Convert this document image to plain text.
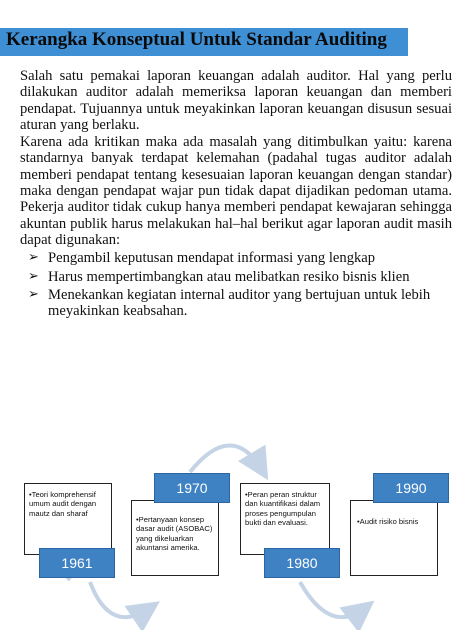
Kerangka Konseptual Untuk Standar Auditing

Salah satu pemakai laporan keuangan adalah auditor. Hal yang perlu dilakukan auditor adalah memeriksa laporan keuangan dan memberi pendapat. Tujuannya untuk meyakinkan laporan keuangan disusun sesuai aturan yang berlaku.

Karena ada kritikan maka ada masalah yang ditimbulkan yaitu: karena standarnya banyak terdapat kelemahan (padahal tugas auditor adalah memberi pendapat tentang kesesuaian laporan keuangan dengan standar) maka dengan pendapat wajar pun tidak dapat dijadikan pedoman utama. Pekerja auditor tidak cukup hanya memberi pendapat kewajaran sehingga akuntan publik harus melakukan hal–hal berikut agar laporan audit masih dapat digunakan:

➢ Pengambil keputusan mendapat informasi yang lengkap
➢ Harus mempertimbangkan atau melibatkan resiko bisnis klien
➢ Menekankan kegiatan internal auditor yang bertujuan untuk lebih meyakinkan keabsahan.
•Teori komprehensif umum audit dengan mautz dan sharaf
1961
•Pertanyaan konsep dasar audit (ASOBAC) yang dikeluarkan akuntansi amerika.
1970	•Peran peran struktur dan kuantifikasi dalam proses pengumpulan bukti dan evaluasi.
1980
•Audit risiko bisnis
1990
